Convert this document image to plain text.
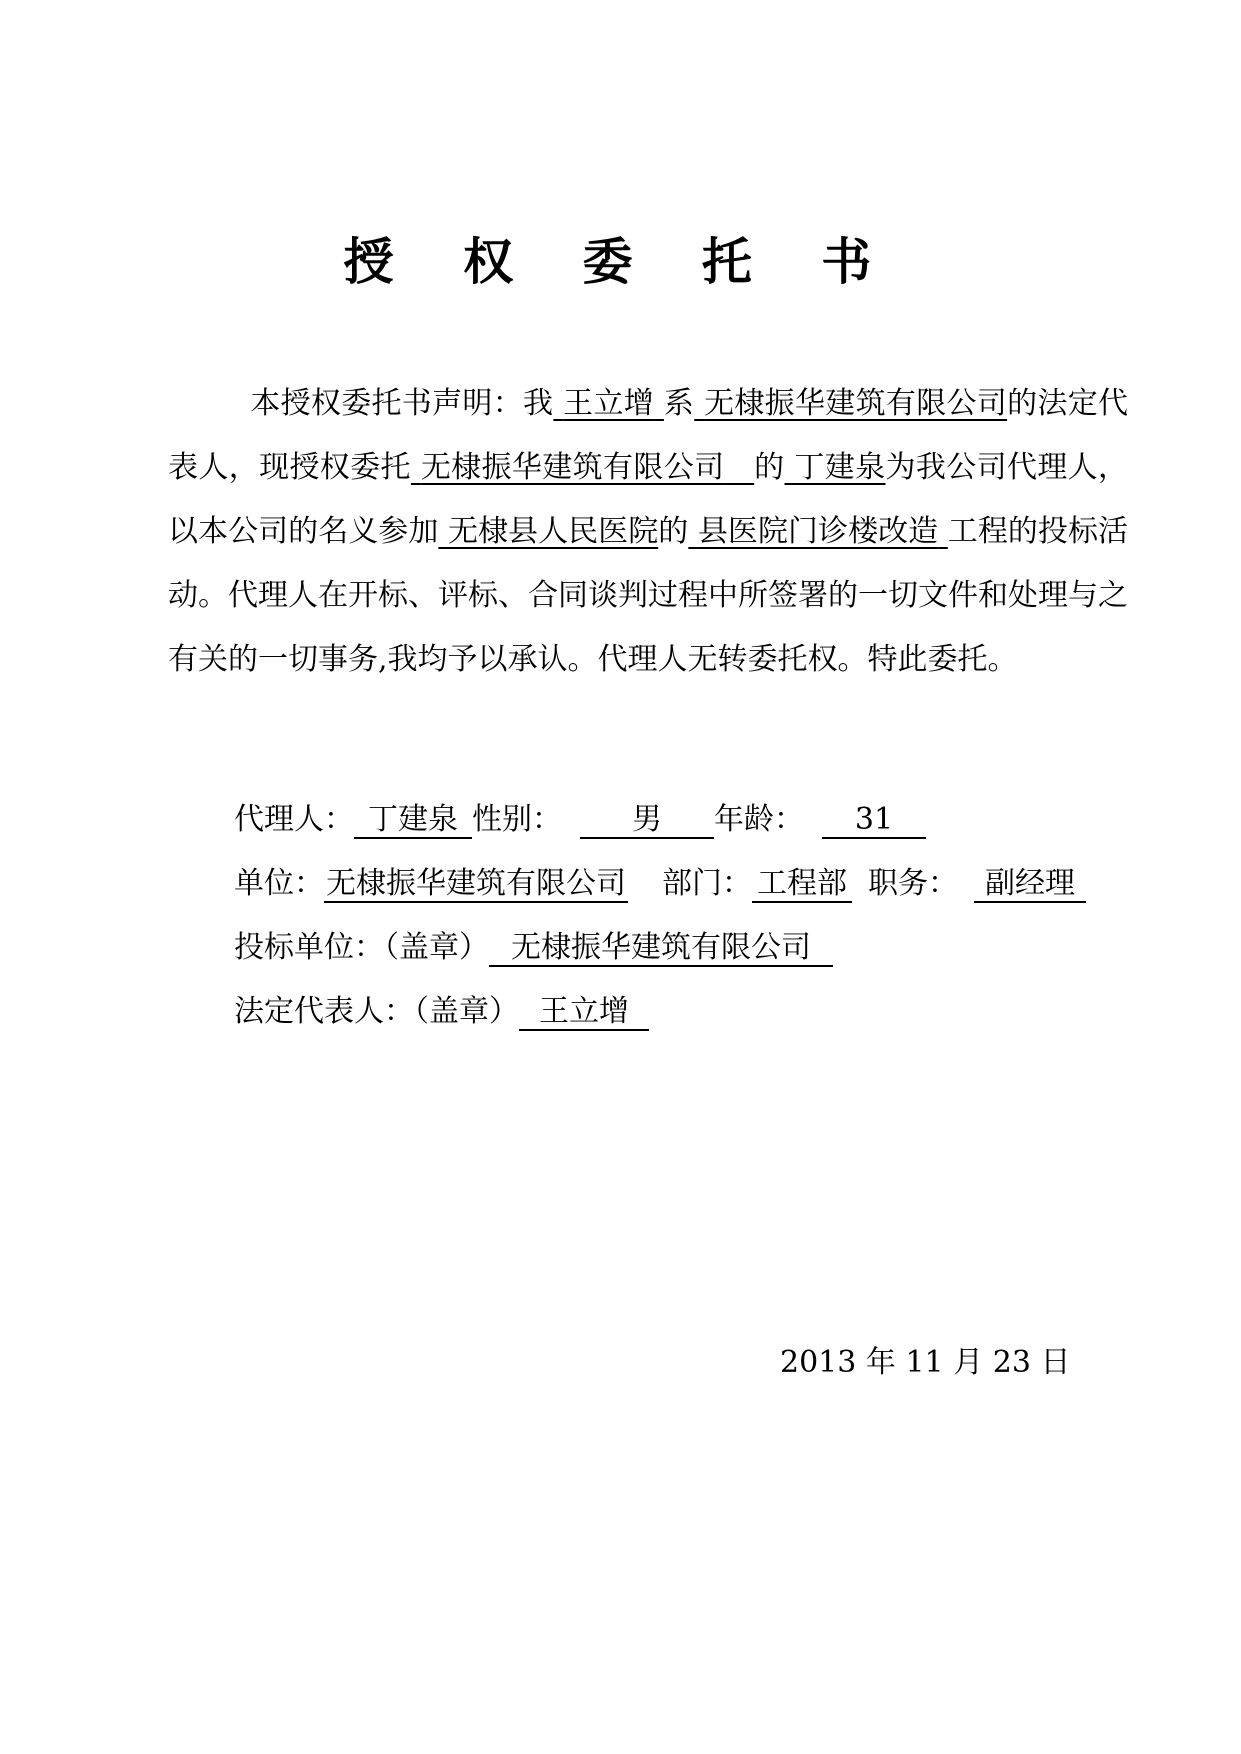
授 权 委 托 书

本授权委托书声明：我 王立增 系 无棣振华建筑有限公司的法定代表人，现授权委托 无棣振华建筑有限公司 的 丁建泉为我公司代理人，以本公司的名义参加 无棣县人民医院的 县医院门诊楼改造 工程的投标活动。代理人在开标、评标、合同谈判过程中所签署的一切文件和处理与之有关的一切事务,我均予以承认。代理人无转委托权。特此委托。

代理人： 丁建泉 性别： 男 年龄： 31
单位：无棣振华建筑有限公司 部门： 工程部 职务： 副经理
投标单位：（盖章） 无棣振华建筑有限公司
法定代表人：（盖章） 王立增
2013 年 11 月 23 日
